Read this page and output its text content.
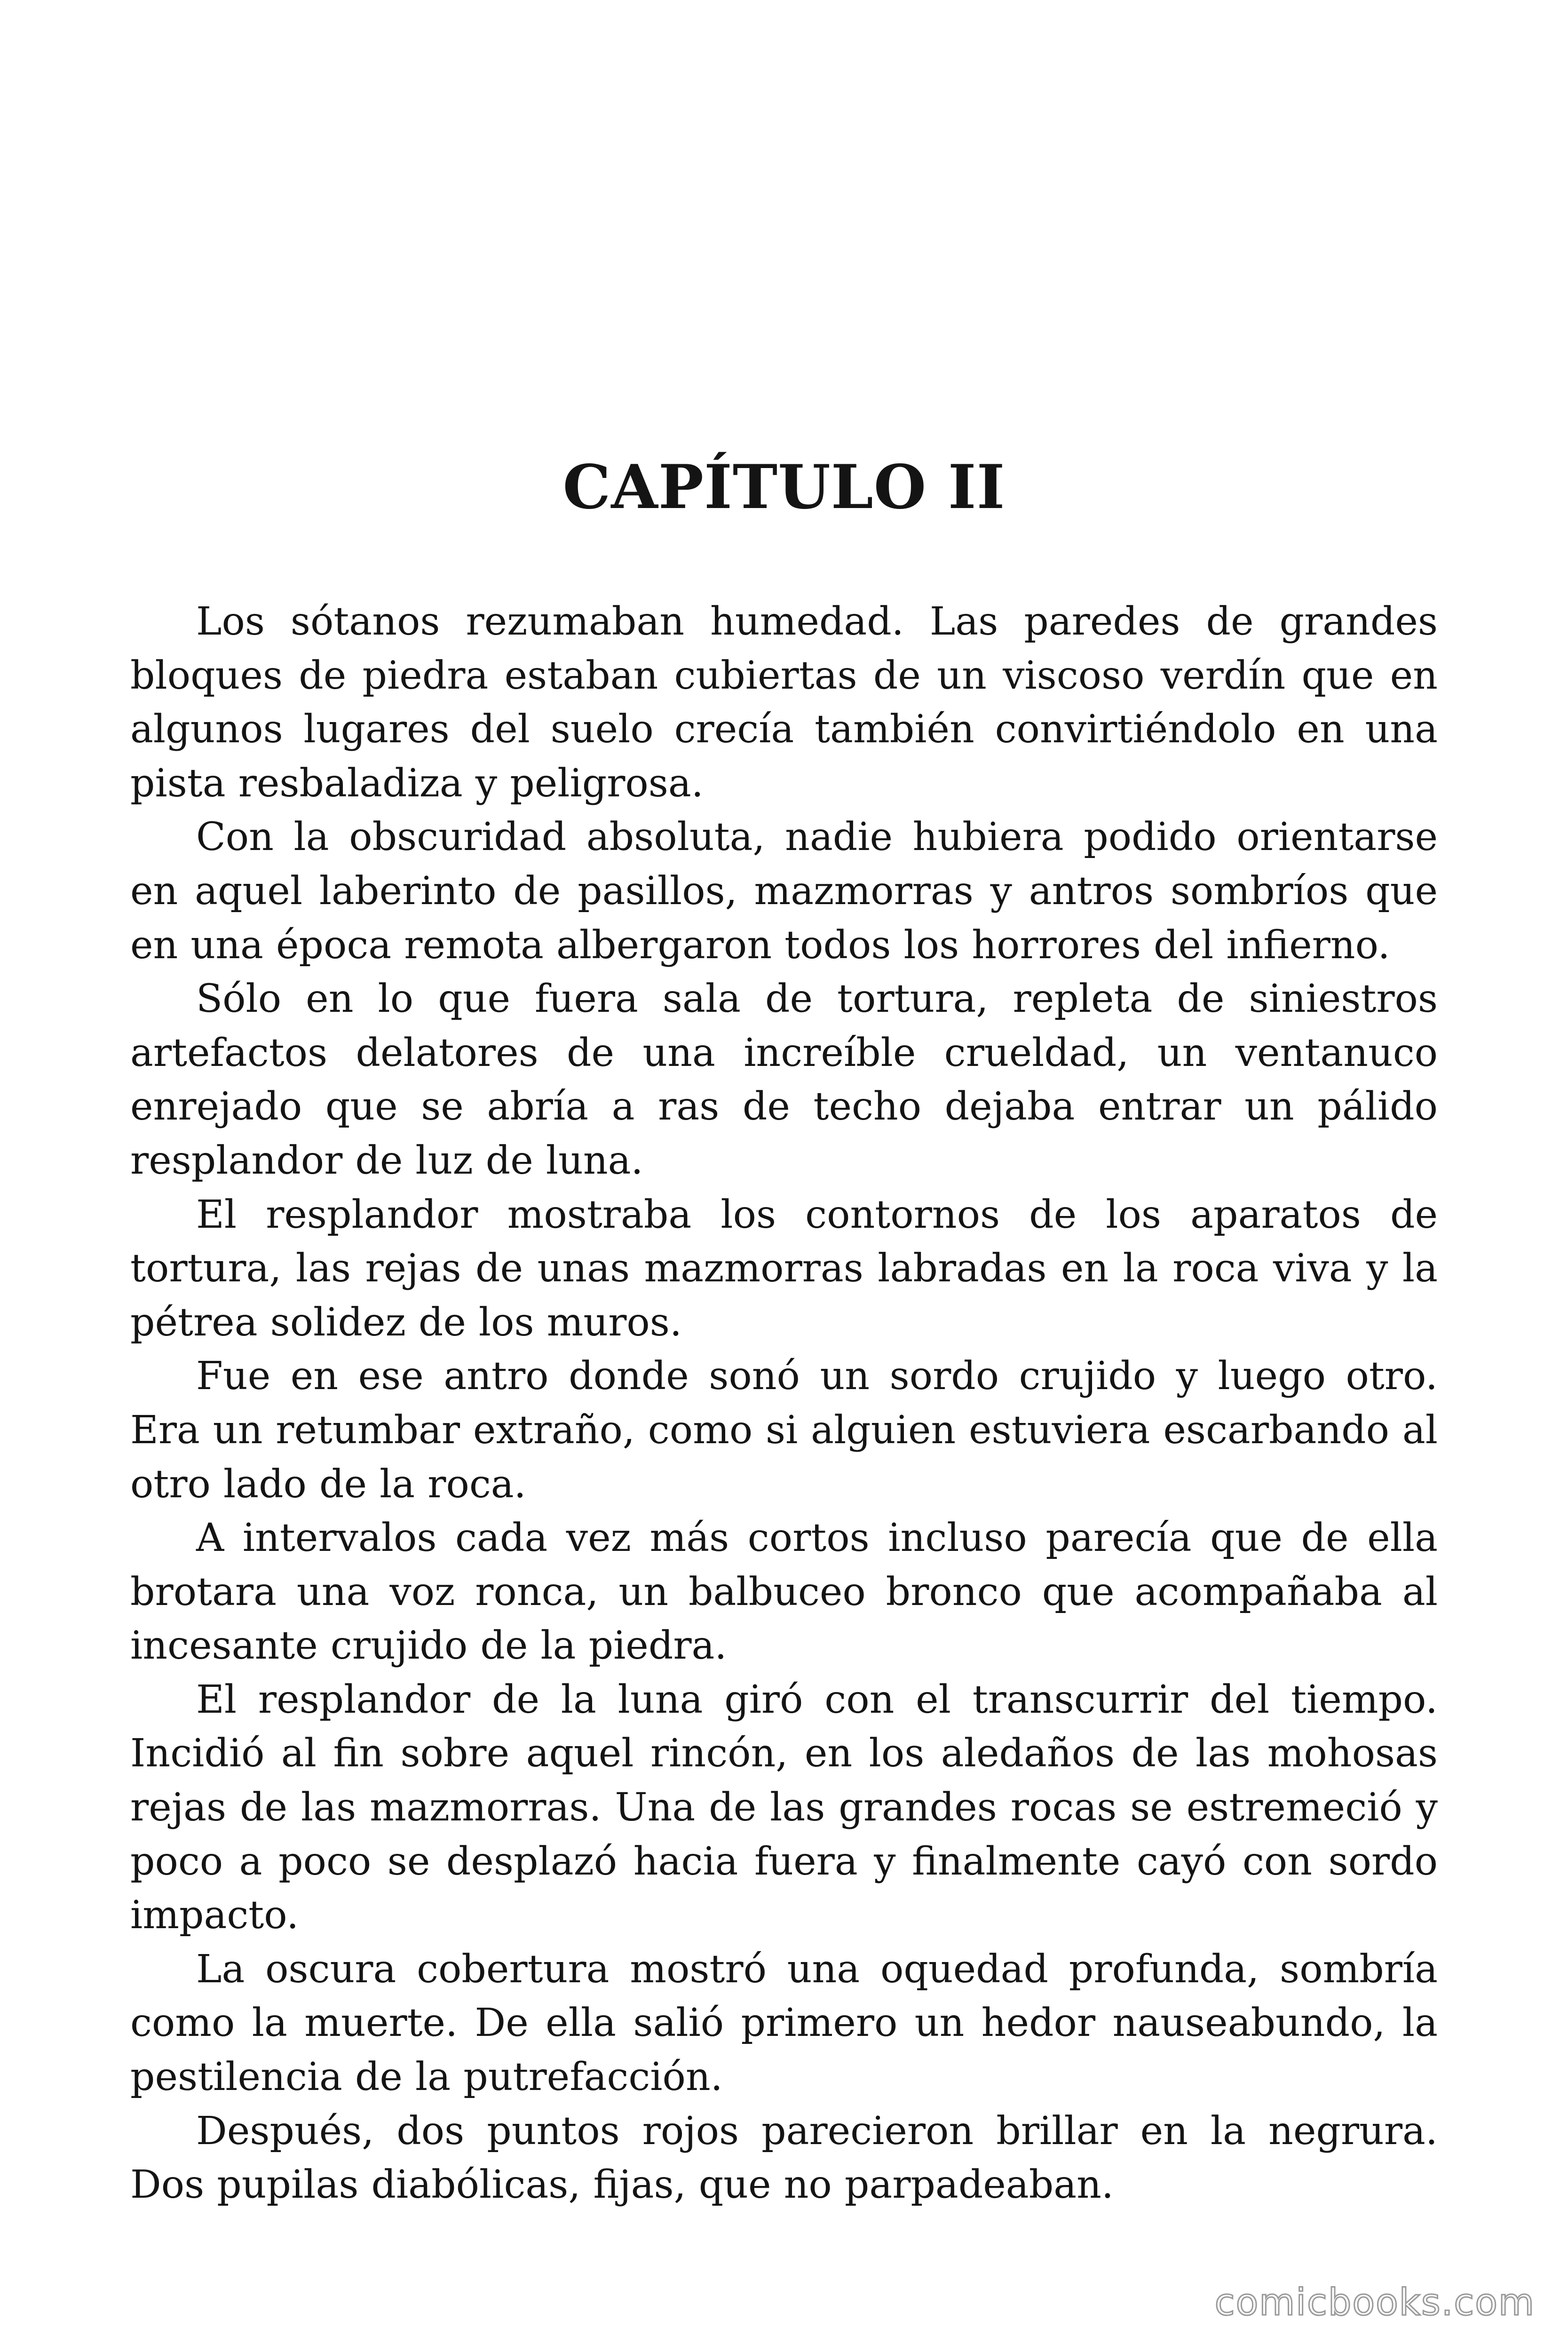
CAPÍTULO II

Los sótanos rezumaban humedad. Las paredes de grandes bloques de piedra estaban cubiertas de un viscoso verdín que en algunos lugares del suelo crecía también convirtiéndolo en una pista resbaladiza y peligrosa.

Con la obscuridad absoluta, nadie hubiera podido orientarse en aquel laberinto de pasillos, mazmorras y antros sombríos que en una época remota albergaron todos los horrores del infierno.

Sólo en lo que fuera sala de tortura, repleta de siniestros artefactos delatores de una increíble crueldad, un ventanuco enrejado que se abría a ras de techo dejaba entrar un pálido resplandor de luz de luna.

El resplandor mostraba los contornos de los aparatos de tortura, las rejas de unas mazmorras labradas en la roca viva y la pétrea solidez de los muros.

Fue en ese antro donde sonó un sordo crujido y luego otro. Era un retumbar extraño, como si alguien estuviera escarbando al otro lado de la roca.

A intervalos cada vez más cortos incluso parecía que de ella brotara una voz ronca, un balbuceo bronco que acompañaba al incesante crujido de la piedra.

El resplandor de la luna giró con el transcurrir del tiempo. Incidió al fin sobre aquel rincón, en los aledaños de las mohosas rejas de las mazmorras. Una de las grandes rocas se estremeció y poco a poco se desplazó hacia fuera y finalmente cayó con sordo impacto.

La oscura cobertura mostró una oquedad profunda, sombría como la muerte. De ella salió primero un hedor nauseabundo, la pestilencia de la putrefacción.

Después, dos puntos rojos parecieron brillar en la negrura. Dos pupilas diabólicas, fijas, que no parpadeaban.

comicbooks.com
